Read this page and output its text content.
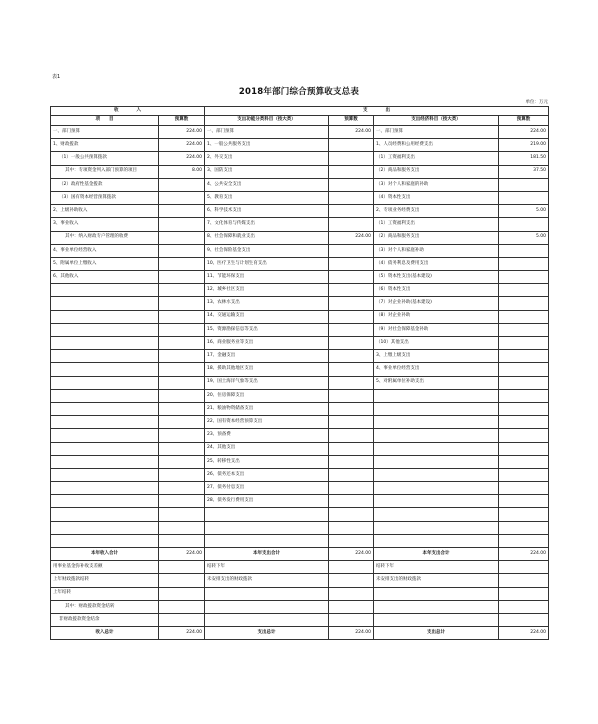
表1
2018年部门综合预算收支总表
单位：万元
收　　　　入		支　　　　出			
项　　目	预算数	支出功能分类科目（按大类）	预算数	支出经济科目（按大类）	预算数
一、部门预算	224.00	一、部门预算	224.00	一、部门预算	224.00
1、财政拨款	224.00	1、一般公共服务支出		1、人员经费和公用经费支出	219.00
（1）一般公共预算拨款	224.00	2、外交支出		（1）工资福利支出	181.50
其中：专项资金列入部门预算的项目	8.00	3、国防支出		（2）商品和服务支出	37.50
（2）政府性基金拨款		4、公共安全支出		（3）对个人和家庭的补助	
（3）国有资本经营预算拨款		5、教育支出		（4）资本性支出	
2、上级补助收入		6、科学技术支出		2、专项业务经费支出	5.00
3、事业收入		7、文化体育与传媒支出		（1）工资福利支出	
其中：纳入财政专户管理的收费		8、社会保障和就业支出	224.00	（2）商品和服务支出	5.00
4、事业单位经营收入		9、社会保险基金支出		（3）对个人和家庭补助	
5、附属单位上缴收入		10、医疗卫生与计划生育支出		（4）债务利息及费用支出	
6、其他收入		11、节能环保支出		（5）资本性支出(基本建设)	
		12、城乡社区支出		（6）资本性支出	
		13、农林水支出		（7）对企业补助(基本建设)	
		14、交通运输支出		（8）对企业补助	
		15、资源勘探信息等支出		（9）对社会保障基金补助	
		16、商业服务业等支出		（10）其他支出	
		17、金融支出		3、上缴上级支出	
		18、援助其他地区支出		4、事业单位经营支出	
		19、国土海洋气象等支出		5、对附属单位补助支出	
		20、住房保障支出			
		21、粮油物资储备支出			
		22、国有资本经营预算支出			
		23、预备费			
		24、其他支出			
		25、转移性支出			
		26、债务还本支出			
		27、债务付息支出			
		28、债务发行费用支出			

本年收入合计	224.00	本年支出合计	224.00	本年支出合计	224.00
用事业基金弥补收支差额		结转下年		结转下年	
上年财政拨款结转		未安排支出的财政拨款		未安排支出的财政拨款	
上年结转					
其中：财政拨款资金结转					
非财政拨款资金结余					
收入总计	224.00	支出总计	224.00	支出总计	224.00
